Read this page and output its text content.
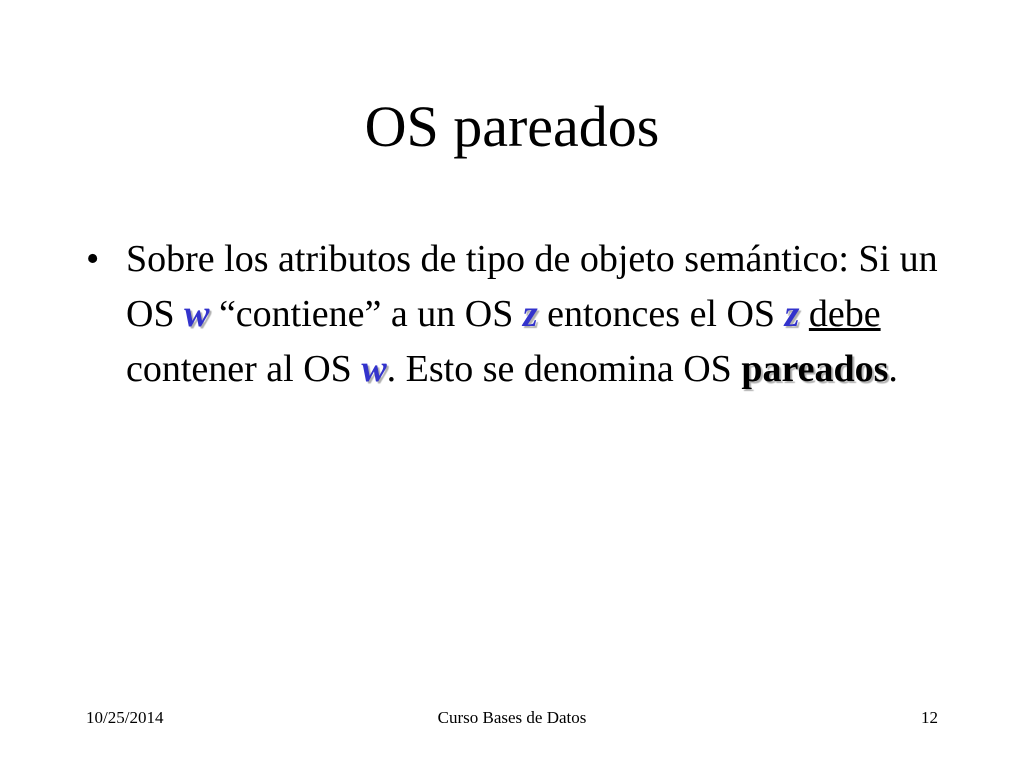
OS pareados
• Sobre los atributos de tipo de objeto semántico: Si un OS w “contiene” a un OS z entonces el OS z debe contener al OS w. Esto se denomina OS pareados.
10/25/2014	Curso Bases de Datos	12
